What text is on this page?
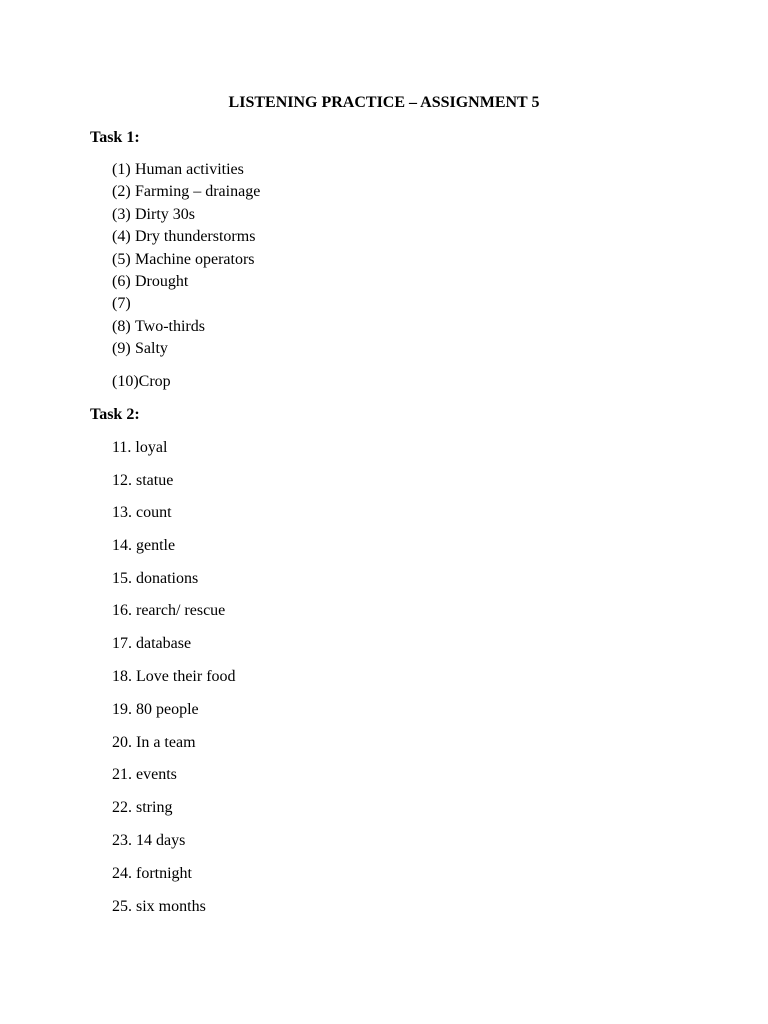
LISTENING PRACTICE – ASSIGNMENT 5
Task 1:
(1) Human activities
(2) Farming – drainage
(3) Dirty 30s
(4) Dry thunderstorms
(5) Machine operators
(6) Drought
(7)
(8) Two-thirds
(9) Salty
(10)Crop
Task 2:
11. loyal
12. statue
13. count
14. gentle
15. donations
16. rearch/ rescue
17. database
18. Love their food
19. 80 people
20. In a team
21. events
22. string
23. 14 days
24. fortnight
25. six months
